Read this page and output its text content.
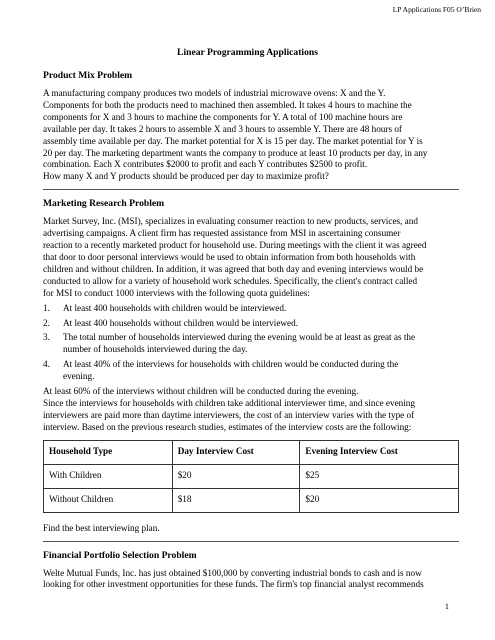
LP Applications F05 O’Brien
Linear Programming Applications
Product Mix Problem

A manufacturing company produces two models of industrial microwave ovens: X and the Y.
Components for both the products need to machined then assembled. It takes 4 hours to machine the
components for X and 3 hours to machine the components for Y. A total of 100 machine hours are
available per day. It takes 2 hours to assemble X and 3 hours to assemble Y. There are 48 hours of
assembly time available per day. The market potential for X is 15 per day. The market potential for Y is
20 per day. The marketing department wants the company to produce at least 10 products per day, in any
combination. Each X contributes $2000 to profit and each Y contributes $2500 to profit.
How many X and Y products should be produced per day to maximize profit?

Marketing Research Problem

Market Survey, Inc. (MSI), specializes in evaluating consumer reaction to new products, services, and
advertising campaigns. A client firm has requested assistance from MSI in ascertaining consumer
reaction to a recently marketed product for household use. During meetings with the client it was agreed
that door to door personal interviews would be used to obtain information from both households with
children and without children. In addition, it was agreed that both day and evening interviews would be
conducted to allow for a variety of household work schedules. Specifically, the client's contract called
for MSI to conduct 1000 interviews with the following quota guidelines:

1.	At least 400 households with children would be interviewed.
2.	At least 400 households without children would be interviewed.
3.	The total number of households interviewed during the evening would be at least as great as the
number of households interviewed during the day.
4.	At least 40% of the interviews for households with children would be conducted during the
evening.

At least 60% of the interviews without children will be conducted during the evening.
Since the interviews for households with children take additional interviewer time, and since evening
interviewers are paid more than daytime interviewers, the cost of an interview varies with the type of
interview. Based on the previous research studies, estimates of the interview costs are the following:

Household Type	Day Interview Cost	Evening Interview Cost
With Children	$20	$25
Without Children	$18	$20

Find the best interviewing plan.

Financial Portfolio Selection Problem

Welte Mutual Funds, Inc. has just obtained $100,000 by converting industrial bonds to cash and is now
looking for other investment opportunities for these funds. The firm's top financial analyst recommends

1
